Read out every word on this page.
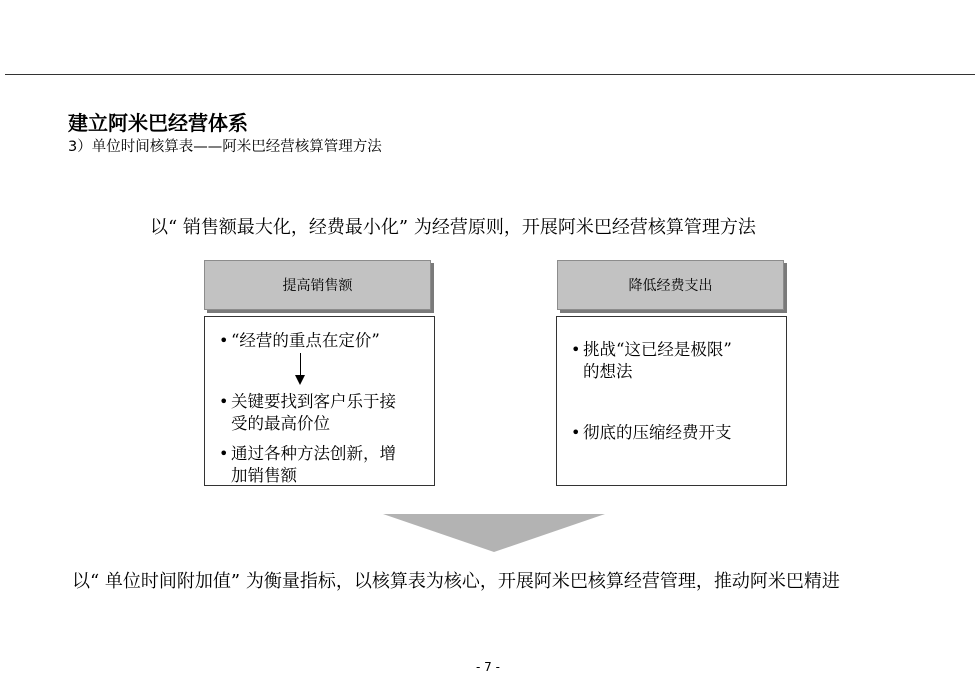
建立阿米巴经营体系
3）单位时间核算表——阿米巴经营核算管理方法
以“ 销售额最大化，经费最小化” 为经营原则，开展阿米巴经营核算管理方法
提高销售额
• “经营的重点在定价”
• 关键要找到客户乐于接
受的最高价位
• 通过各种方法创新，增
加销售额
降低经费支出
• 挑战“这已经是极限”
的想法
• 彻底的压缩经费开支
以“ 单位时间附加值” 为衡量指标，以核算表为核心，开展阿米巴核算经营管理，推动阿米巴精进
- 7 -
